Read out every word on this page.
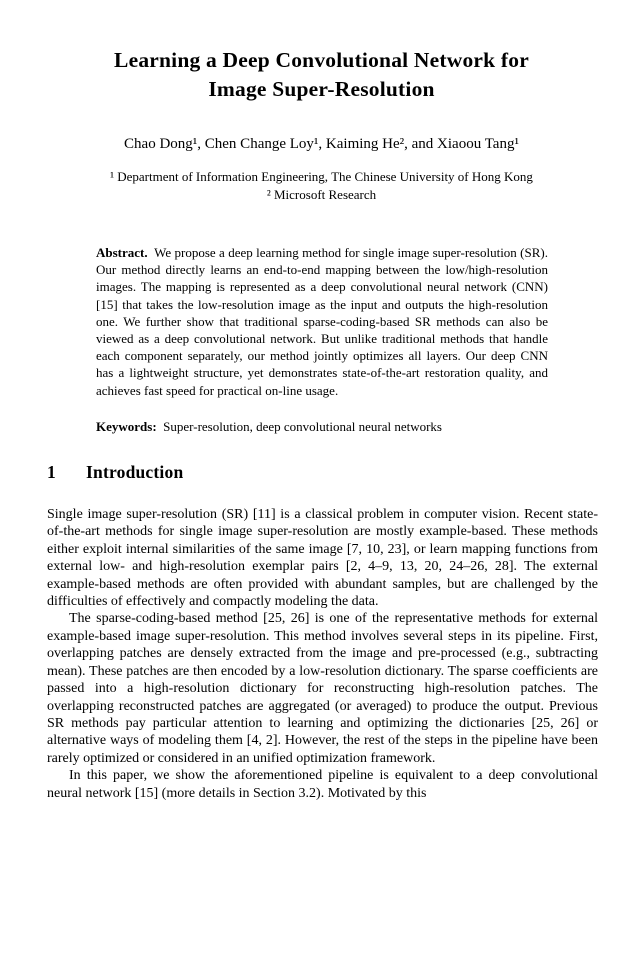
Learning a Deep Convolutional Network for Image Super-Resolution
Chao Dong¹, Chen Change Loy¹, Kaiming He², and Xiaoou Tang¹
¹ Department of Information Engineering, The Chinese University of Hong Kong
² Microsoft Research
Abstract. We propose a deep learning method for single image super-resolution (SR). Our method directly learns an end-to-end mapping between the low/high-resolution images. The mapping is represented as a deep convolutional neural network (CNN) [15] that takes the low-resolution image as the input and outputs the high-resolution one. We further show that traditional sparse-coding-based SR methods can also be viewed as a deep convolutional network. But unlike traditional methods that handle each component separately, our method jointly optimizes all layers. Our deep CNN has a lightweight structure, yet demonstrates state-of-the-art restoration quality, and achieves fast speed for practical on-line usage.
Keywords: Super-resolution, deep convolutional neural networks
1 Introduction

Single image super-resolution (SR) [11] is a classical problem in computer vision. Recent state-of-the-art methods for single image super-resolution are mostly example-based. These methods either exploit internal similarities of the same image [7, 10, 23], or learn mapping functions from external low- and high-resolution exemplar pairs [2, 4–9, 13, 20, 24–26, 28]. The external example-based methods are often provided with abundant samples, but are challenged by the difficulties of effectively and compactly modeling the data.

The sparse-coding-based method [25, 26] is one of the representative methods for external example-based image super-resolution. This method involves several steps in its pipeline. First, overlapping patches are densely extracted from the image and pre-processed (e.g., subtracting mean). These patches are then encoded by a low-resolution dictionary. The sparse coefficients are passed into a high-resolution dictionary for reconstructing high-resolution patches. The overlapping reconstructed patches are aggregated (or averaged) to produce the output. Previous SR methods pay particular attention to learning and optimizing the dictionaries [25, 26] or alternative ways of modeling them [4, 2]. However, the rest of the steps in the pipeline have been rarely optimized or considered in an unified optimization framework.

In this paper, we show the aforementioned pipeline is equivalent to a deep convolutional neural network [15] (more details in Section 3.2). Motivated by this
